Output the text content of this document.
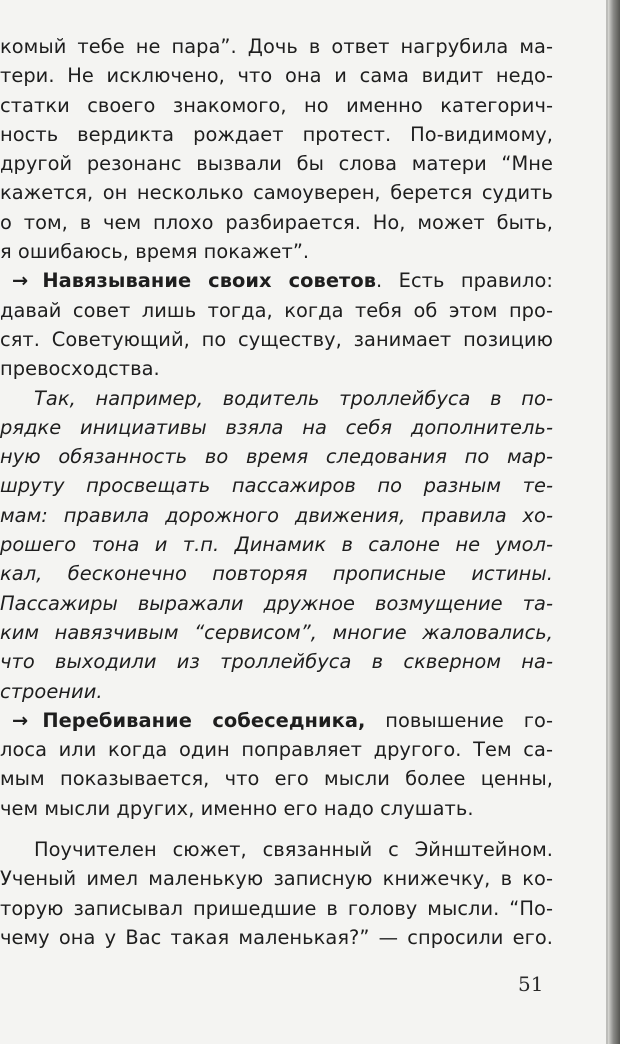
комый тебе не пара”. Дочь в ответ нагрубила ма-
тери. Не исключено, что она и сама видит недо-
статки своего знакомого, но именно категорич-
ность вердикта рождает протест. По-видимому,
другой резонанс вызвали бы слова матери “Мне
кажется, он несколько самоуверен, берется судить
о том, в чем плохо разбирается. Но, может быть,
я ошибаюсь, время покажет”.
→ Навязывание своих советов. Есть правило:
давай совет лишь тогда, когда тебя об этом про-
сят. Советующий, по существу, занимает позицию
превосходства.
Так, например, водитель троллейбуса в по-
рядке инициативы взяла на себя дополнитель-
ную обязанность во время следования по мар-
шруту просвещать пассажиров по разным те-
мам: правила дорожного движения, правила хо-
рошего тона и т.п. Динамик в салоне не умол-
кал, бесконечно повторяя прописные истины.
Пассажиры выражали дружное возмущение та-
ким навязчивым “сервисом”, многие жаловались,
что выходили из троллейбуса в скверном на-
строении.
→ Перебивание собеседника, повышение го-
лоса или когда один поправляет другого. Тем са-
мым показывается, что его мысли более ценны,
чем мысли других, именно его надо слушать.
Поучителен сюжет, связанный с Эйнштейном.
Ученый имел маленькую записную книжечку, в ко-
торую записывал пришедшие в голову мысли. “По-
чему она у Вас такая маленькая?” — спросили его.
51
